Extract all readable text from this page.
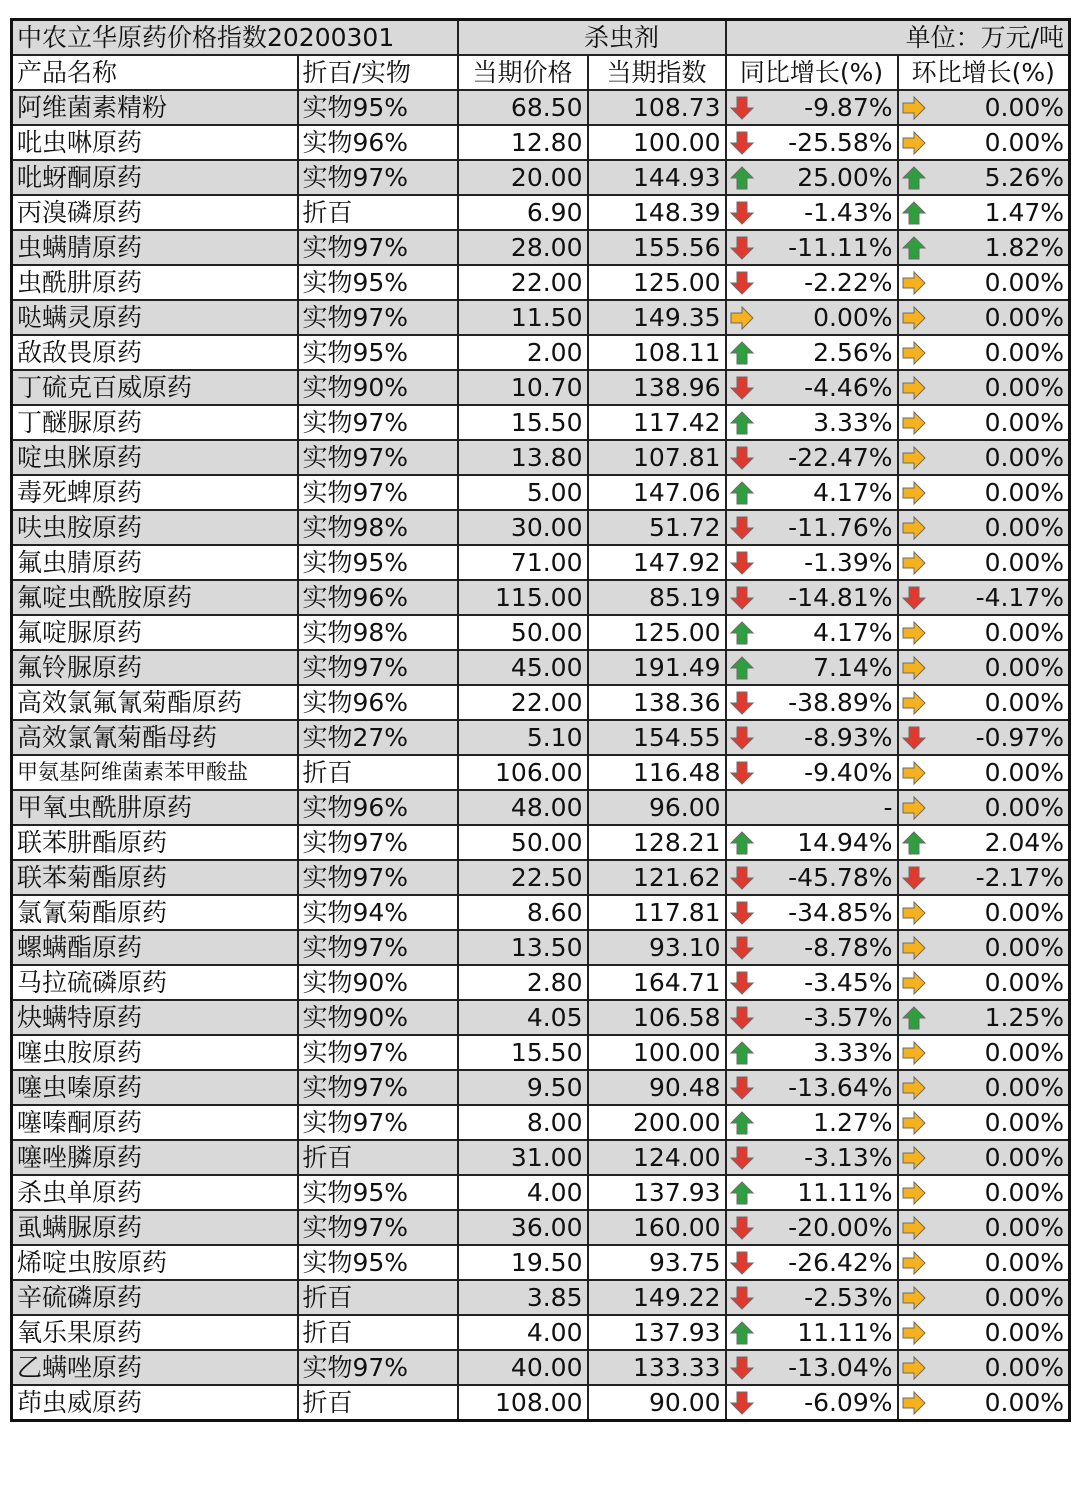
中农立华原药价格指数20200301		杀虫剂		单位：万元/吨	
产品名称	折百/实物	当期价格	当期指数	同比增长(%)	环比增长(%)
阿维菌素精粉	实物95%	68.50	108.73	-9.87%	0.00%

吡虫啉原药	实物96%	12.80	100.00	-25.58%	0.00%

吡蚜酮原药	实物97%	20.00	144.93	25.00%	5.26%

丙溴磷原药	折百	6.90	148.39	-1.43%	1.47%

虫螨腈原药	实物97%	28.00	155.56	-11.11%	1.82%

虫酰肼原药	实物95%	22.00	125.00	-2.22%	0.00%

哒螨灵原药	实物97%	11.50	149.35	0.00%	0.00%

敌敌畏原药	实物95%	2.00	108.11	2.56%	0.00%

丁硫克百威原药	实物90%	10.70	138.96	-4.46%	0.00%

丁醚脲原药	实物97%	15.50	117.42	3.33%	0.00%

啶虫脒原药	实物97%	13.80	107.81	-22.47%	0.00%

毒死蜱原药	实物97%	5.00	147.06	4.17%	0.00%

呋虫胺原药	实物98%	30.00	51.72	-11.76%	0.00%

氟虫腈原药	实物95%	71.00	147.92	-1.39%	0.00%

氟啶虫酰胺原药	实物96%	115.00	85.19	-14.81%	-4.17%

氟啶脲原药	实物98%	50.00	125.00	4.17%	0.00%

氟铃脲原药	实物97%	45.00	191.49	7.14%	0.00%

高效氯氟氰菊酯原药	实物96%	22.00	138.36	-38.89%	0.00%

高效氯氰菊酯母药	实物27%	5.10	154.55	-8.93%	-0.97%

甲氨基阿维菌素苯甲酸盐	折百	106.00	116.48	-9.40%	0.00%

甲氧虫酰肼原药	实物96%	48.00	96.00	-	0.00%

联苯肼酯原药	实物97%	50.00	128.21	14.94%	2.04%

联苯菊酯原药	实物97%	22.50	121.62	-45.78%	-2.17%

氯氰菊酯原药	实物94%	8.60	117.81	-34.85%	0.00%

螺螨酯原药	实物97%	13.50	93.10	-8.78%	0.00%

马拉硫磷原药	实物90%	2.80	164.71	-3.45%	0.00%

炔螨特原药	实物90%	4.05	106.58	-3.57%	1.25%

噻虫胺原药	实物97%	15.50	100.00	3.33%	0.00%

噻虫嗪原药	实物97%	9.50	90.48	-13.64%	0.00%

噻嗪酮原药	实物97%	8.00	200.00	1.27%	0.00%

噻唑膦原药	折百	31.00	124.00	-3.13%	0.00%

杀虫单原药	实物95%	4.00	137.93	11.11%	0.00%

虱螨脲原药	实物97%	36.00	160.00	-20.00%	0.00%

烯啶虫胺原药	实物95%	19.50	93.75	-26.42%	0.00%

辛硫磷原药	折百	3.85	149.22	-2.53%	0.00%

氧乐果原药	折百	4.00	137.93	11.11%	0.00%

乙螨唑原药	实物97%	40.00	133.33	-13.04%	0.00%

茚虫威原药	折百	108.00	90.00	-6.09%	0.00%
